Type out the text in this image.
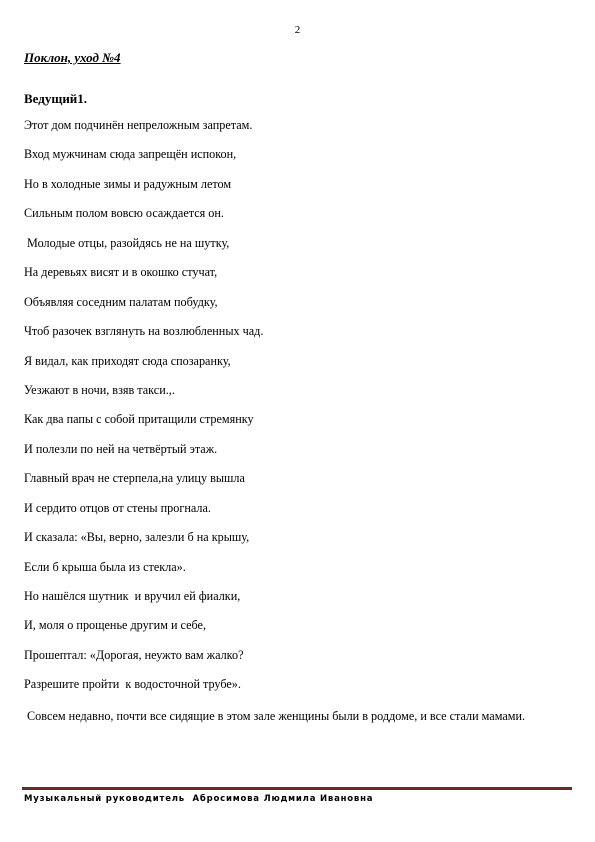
2
Поклон, уход №4
Ведущий1.
Этот дом подчинён непреложным запретам.
Вход мужчинам сюда запрещён испокон,
Но в холодные зимы и радужным летом
Сильным полом вовсю осаждается он.
Молодые отцы, разойдясь не на шутку,
На деревьях висят и в окошко стучат,
Объявляя соседним палатам побудку,
Чтоб разочек взглянуть на возлюбленных чад.
Я видал, как приходят сюда спозаранку,
Уезжают в ночи, взяв такси.,.
Как два папы с собой притащили стремянку
И полезли по ней на четвёртый этаж.
Главный врач не стерпела,на улицу вышла
И сердито отцов от стены прогнала.
И сказала: «Вы, верно, залезли б на крышу,
Если б крыша была из стекла».
Но нашёлся шутник  и вручил ей фиалки,
И, моля о прощенье другим и себе,
Прошептал: «Дорогая, неужто вам жалко?
Разрешите пройти  к водосточной трубе».
Совсем недавно, почти все сидящие в этом зале женщины были в роддоме, и все стали мамами.
Музыкальный руководитель  Абросимова Людмила Ивановна
